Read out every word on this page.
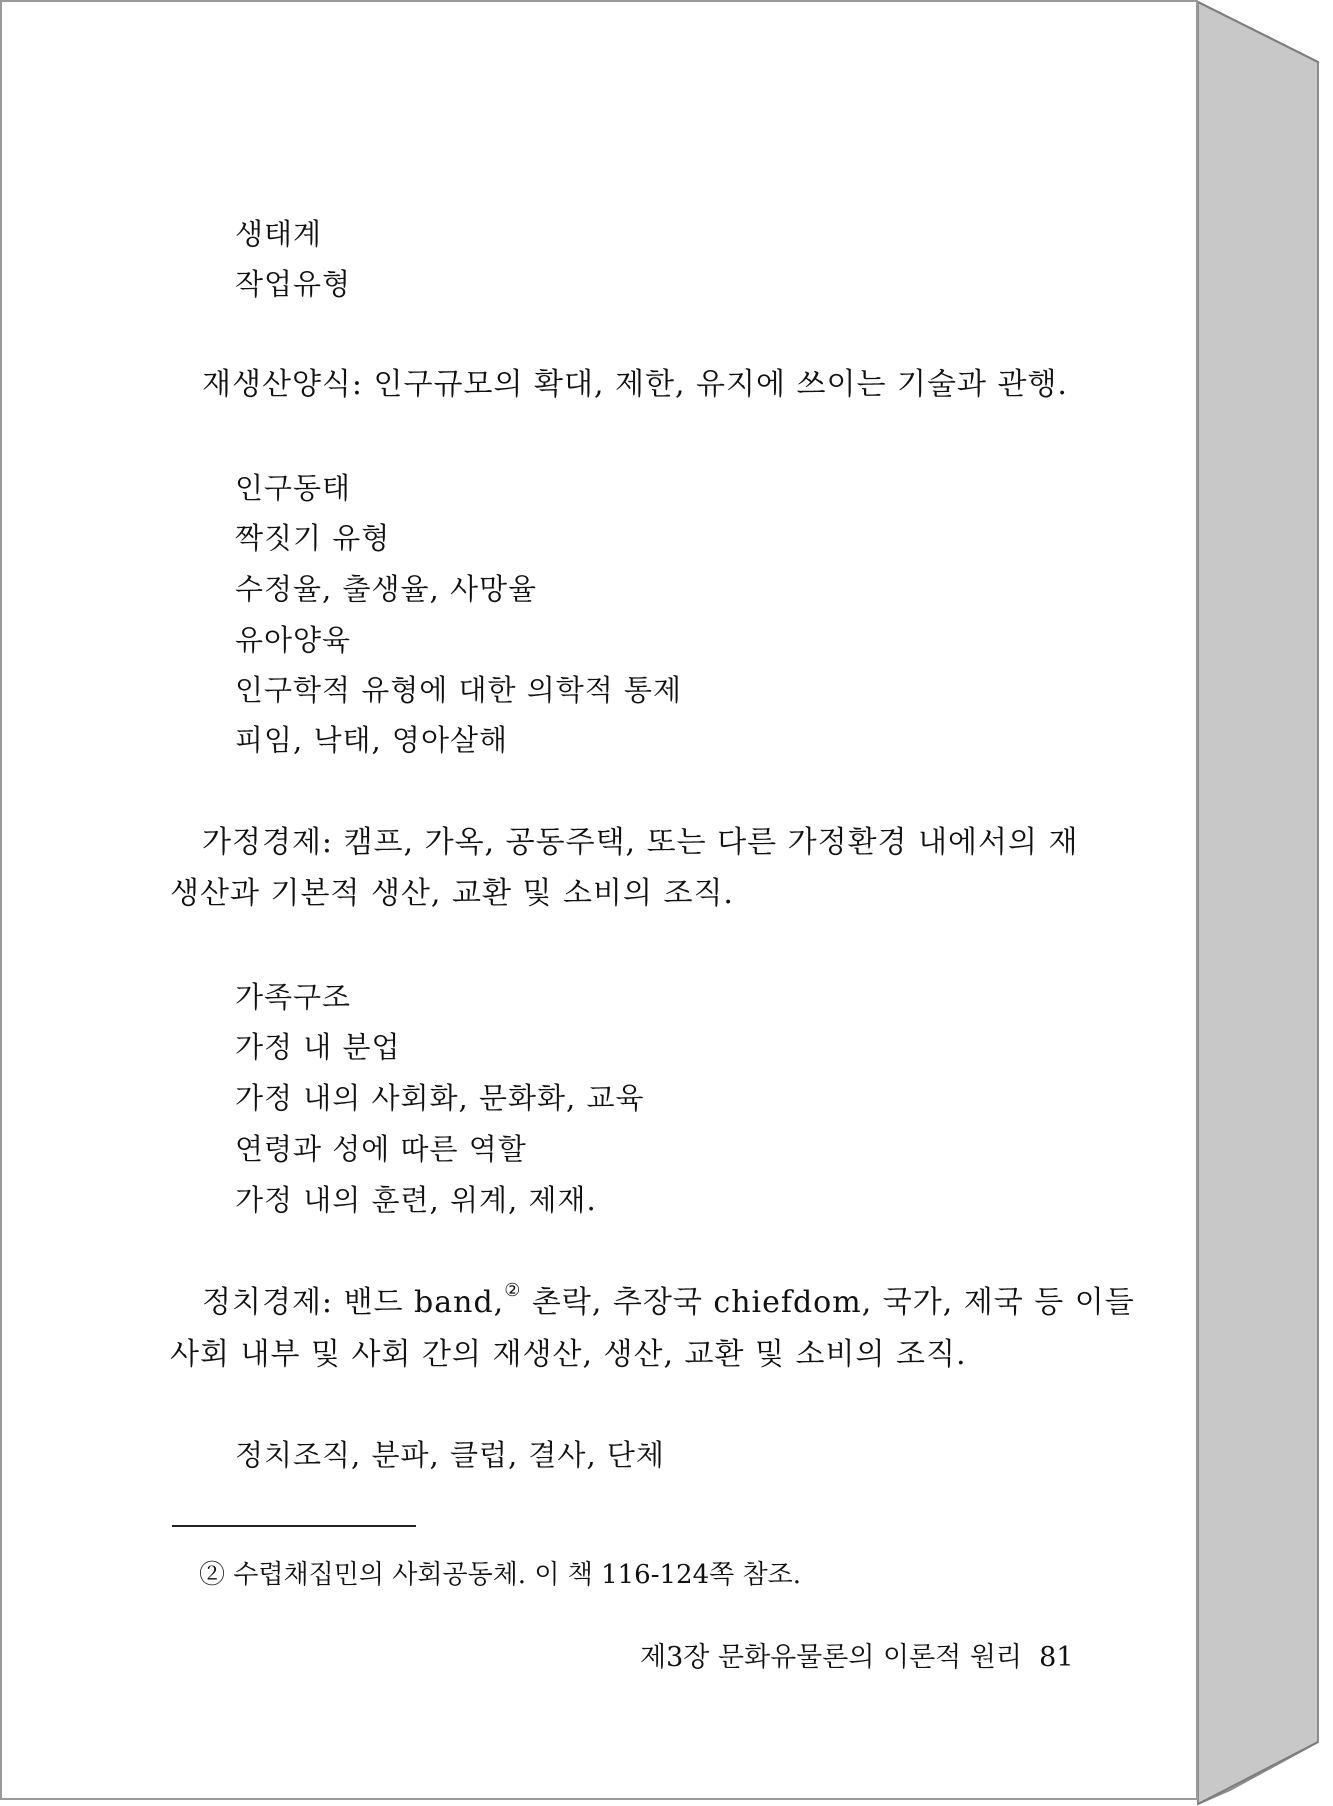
생태계
작업유형
재생산양식: 인구규모의 확대, 제한, 유지에 쓰이는 기술과 관행.
인구동태
짝짓기 유형
수정율, 출생율, 사망율
유아양육
인구학적 유형에 대한 의학적 통제
피임, 낙태, 영아살해
가정경제: 캠프, 가옥, 공동주택, 또는 다른 가정환경 내에서의 재
생산과 기본적 생산, 교환 및 소비의 조직.
가족구조
가정 내 분업
가정 내의 사회화, 문화화, 교육
연령과 성에 따른 역할
가정 내의 훈련, 위계, 제재.
정치경제: 밴드 band,② 촌락, 추장국 chiefdom, 국가, 제국 등 이들
사회 내부 및 사회 간의 재생산, 생산, 교환 및 소비의 조직.
정치조직, 분파, 클럽, 결사, 단체
② 수렵채집민의 사회공동체. 이 책 116-124쪽 참조.
제3장 문화유물론의 이론적 원리 81
